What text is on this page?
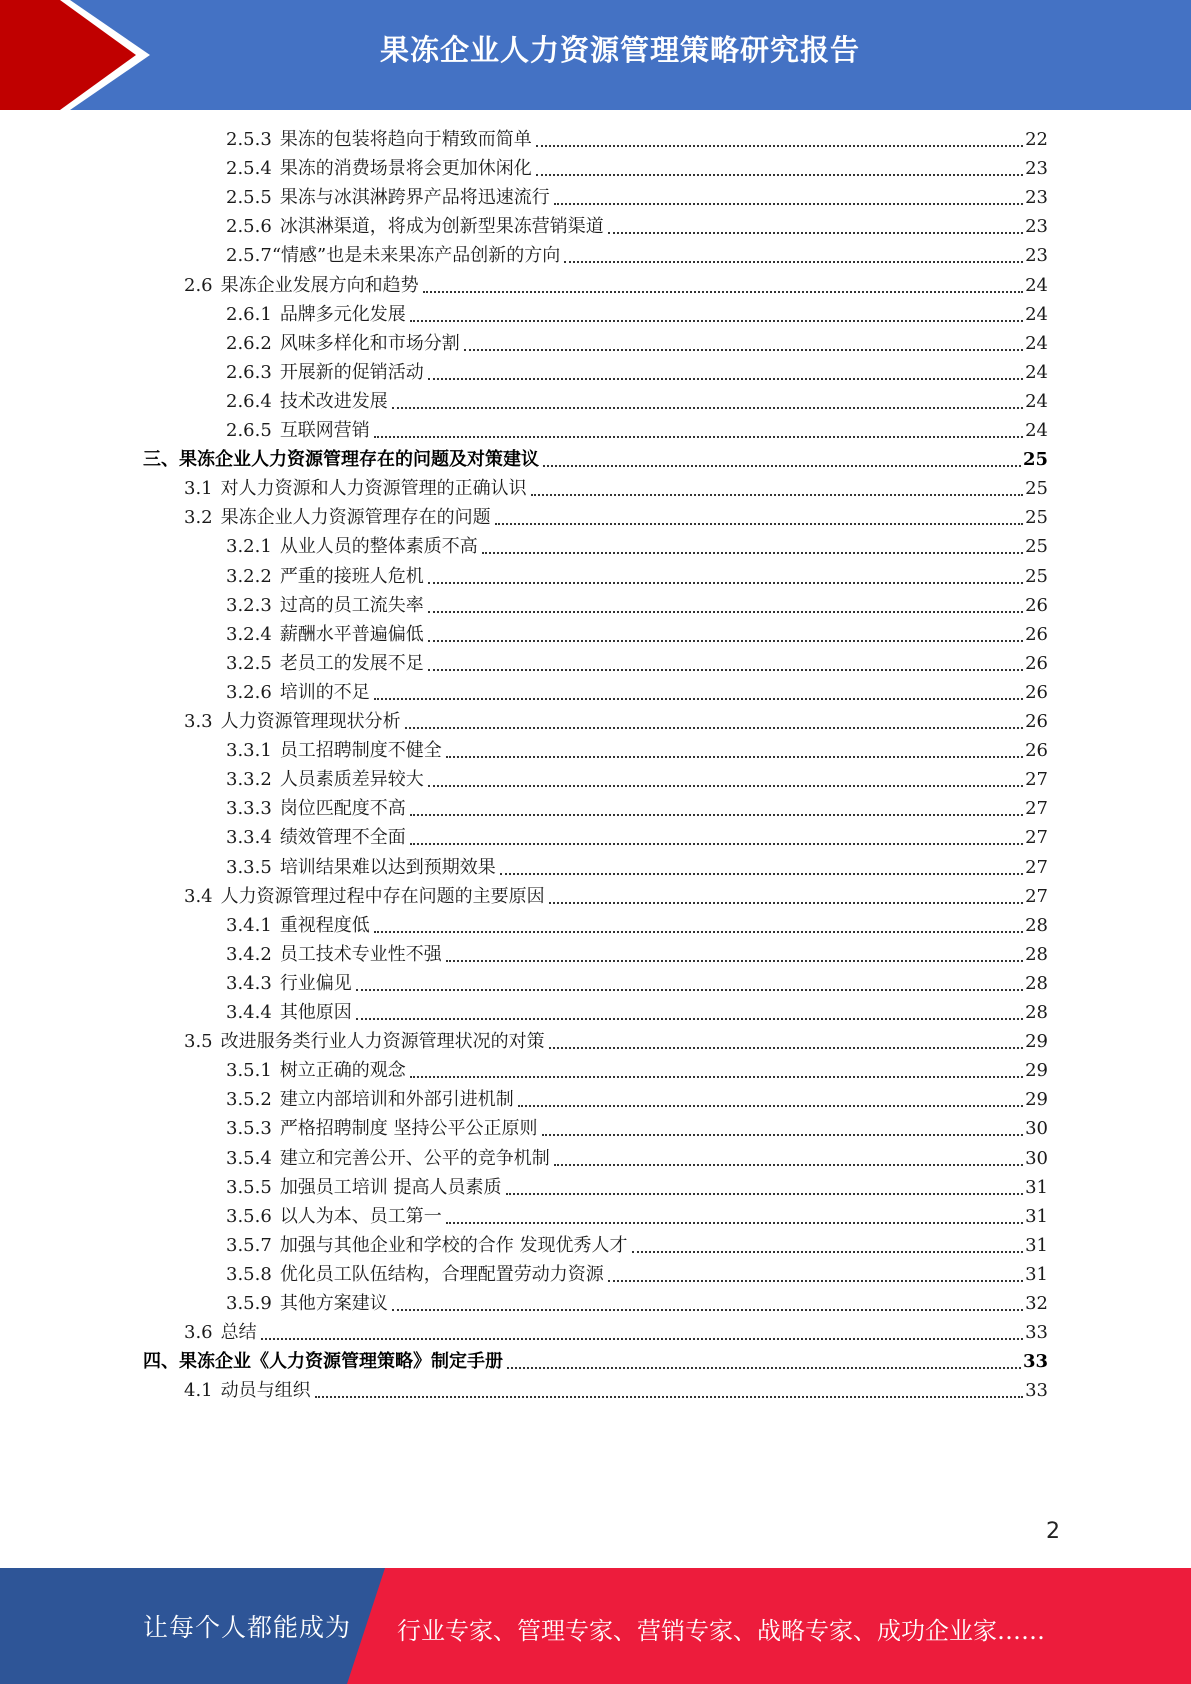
果冻企业人力资源管理策略研究报告
2.5.3 果冻的包装将趋向于精致而简单	22
2.5.4 果冻的消费场景将会更加休闲化	23
2.5.5 果冻与冰淇淋跨界产品将迅速流行	23
2.5.6 冰淇淋渠道，将成为创新型果冻营销渠道	23
2.5.7 “情感”也是未来果冻产品创新的方向	23
2.6 果冻企业发展方向和趋势	24
2.6.1 品牌多元化发展	24
2.6.2 风味多样化和市场分割	24
2.6.3 开展新的促销活动	24
2.6.4 技术改进发展	24
2.6.5 互联网营销	24
三、 果冻企业人力资源管理存在的问题及对策建议	25
3.1 对人力资源和人力资源管理的正确认识	25
3.2 果冻企业人力资源管理存在的问题	25
3.2.1 从业人员的整体素质不高	25
3.2.2 严重的接班人危机	25
3.2.3 过高的员工流失率	26
3.2.4 薪酬水平普遍偏低	26
3.2.5 老员工的发展不足	26
3.2.6 培训的不足	26
3.3 人力资源管理现状分析	26
3.3.1 员工招聘制度不健全	26
3.3.2 人员素质差异较大	27
3.3.3 岗位匹配度不高	27
3.3.4 绩效管理不全面	27
3.3.5 培训结果难以达到预期效果	27
3.4 人力资源管理过程中存在问题的主要原因	27
3.4.1 重视程度低	28
3.4.2 员工技术专业性不强	28
3.4.3 行业偏见	28
3.4.4 其他原因	28
3.5 改进服务类行业人力资源管理状况的对策	29
3.5.1 树立正确的观念	29
3.5.2 建立内部培训和外部引进机制	29
3.5.3 严格招聘制度 坚持公平公正原则	30
3.5.4 建立和完善公开、公平的竞争机制	30
3.5.5 加强员工培训 提高人员素质	31
3.5.6 以人为本、员工第一	31
3.5.7 加强与其他企业和学校的合作 发现优秀人才	31
3.5.8 优化员工队伍结构，合理配置劳动力资源	31
3.5.9 其他方案建议	32
3.6 总结	33
四、 果冻企业《人力资源管理策略》制定手册	33
4.1 动员与组织	33
2
让每个人都能成为 行业专家、管理专家、营销专家、战略专家、成功企业家……
